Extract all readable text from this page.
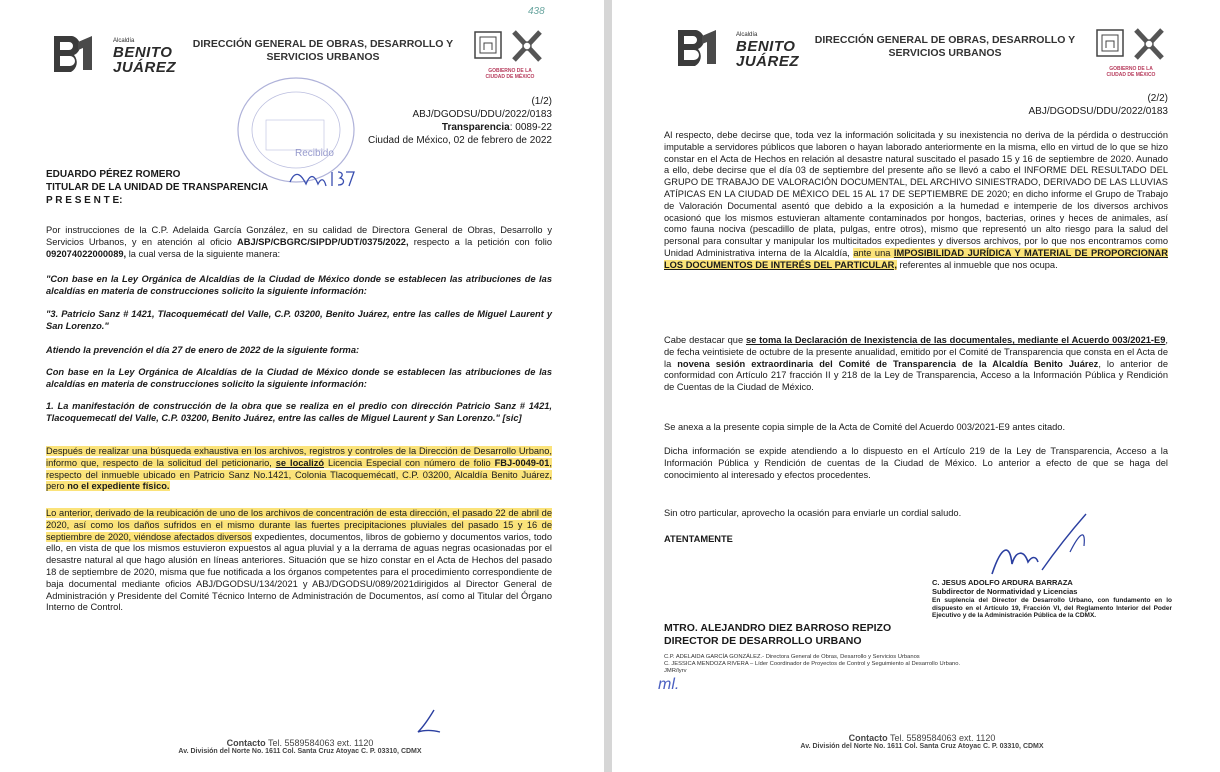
Alcaldía
BENITO
JUÁREZ
DIRECCIÓN GENERAL DE OBRAS, DESARROLLO Y SERVICIOS URBANOS
GOBIERNO DE LA
CIUDAD DE MÉXICO
438
Recibido
(1/2)
ABJ/DGODSU/DDU/2022/0183
Transparencia: 0089-22
Ciudad de México, 02 de febrero de 2022
EDUARDO PÉREZ ROMERO
TITULAR DE LA UNIDAD DE TRANSPARENCIA
P R E S E N T E:
Por instrucciones de la C.P. Adelaida García González, en su calidad de Directora General de Obras, Desarrollo y Servicios Urbanos, y en atención al oficio ABJ/SP/CBGRC/SIPDP/UDT/0375/2022, respecto a la petición con folio 092074022000089, la cual versa de la siguiente manera:
"Con base en la Ley Orgánica de Alcaldías de la Ciudad de México donde se establecen las atribuciones de las alcaldías en materia de construcciones solicito la siguiente información:
"3. Patricio Sanz # 1421, Tlacoquemécatl del Valle, C.P. 03200, Benito Juárez, entre las calles de Miguel Laurent y San Lorenzo."
Atiendo la prevención el día 27 de enero de 2022 de la siguiente forma:
Con base en la Ley Orgánica de Alcaldías de la Ciudad de México donde se establecen las atribuciones de las alcaldías en materia de construcciones solicito la siguiente información:
1. La manifestación de construcción de la obra que se realiza en el predio con dirección Patricio Sanz # 1421, Tlacoquemecatl del Valle, C.P. 03200, Benito Juárez, entre las calles de Miguel Laurent y San Lorenzo." [sic]
Después de realizar una búsqueda exhaustiva en los archivos, registros y controles de la Dirección de Desarrollo Urbano, informo que, respecto de la solicitud del peticionario, se localizó Licencia Especial con número de folio FBJ-0049-01, respecto del inmueble ubicado en Patricio Sanz No.1421, Colonia Tlacoquemécatl, C.P. 03200, Alcaldía Benito Juárez, pero no el expediente físico.
Lo anterior, derivado de la reubicación de uno de los archivos de concentración de esta dirección, el pasado 22 de abril de 2020, así como los daños sufridos en el mismo durante las fuertes precipitaciones pluviales del pasado 15 y 16 de septiembre de 2020, viéndose afectados diversos expedientes, documentos, libros de gobierno y documentos varios, todo ello, en vista de que los mismos estuvieron expuestos al agua pluvial y a la derrama de aguas negras ocasionadas por el desastre natural al que hago alusión en líneas anteriores. Situación que se hizo constar en el Acta de Hechos del pasado 18 de septiembre de 2020, misma que fue notificada a los órganos competentes para el procedimiento correspondiente de baja documental mediante oficios ABJ/DGODSU/134/2021 y ABJ/DGODSU/089/2021dirigidos al Director General de Administración y Presidente del Comité Técnico Interno de Administración de Documentos, así como al Titular del Órgano Interno de Control.
Contacto Tel. 5589584063 ext. 1120
Av. División del Norte No. 1611 Col. Santa Cruz Atoyac C. P. 03310, CDMX
Alcaldía
BENITO
JUÁREZ
DIRECCIÓN GENERAL DE OBRAS, DESARROLLO Y SERVICIOS URBANOS
GOBIERNO DE LA
CIUDAD DE MÉXICO
(2/2)
ABJ/DGODSU/DDU/2022/0183
Al respecto, debe decirse que, toda vez la información solicitada y su inexistencia no deriva de la pérdida o destrucción imputable a servidores públicos que laboren o hayan laborado anteriormente en la misma, ello en virtud de lo que se hizo constar en el Acta de Hechos en relación al desastre natural suscitado el pasado 15 y 16 de septiembre de 2020. Aunado a ello, debe decirse que el día 03 de septiembre del presente año se llevó a cabo el INFORME DEL RESULTADO DEL GRUPO DE TRABAJO DE VALORACIÓN DOCUMENTAL, DEL ARCHIVO SINIESTRADO, DERIVADO DE LAS LLUVIAS ATÍPICAS EN LA CIUDAD DE MÉXICO DEL 15 AL 17 DE SEPTIEMBRE DE 2020; en dicho informe el Grupo de Trabajo de Valoración Documental asentó que debido a la exposición a la humedad e intemperie de los diversos archivos ocasionó que los mismos estuvieran altamente contaminados por hongos, bacterias, orines y heces de animales, así como fauna nociva (pescadillo de plata, pulgas, entre otros), mismo que representó un alto riesgo para la salud del personal para consultar y manipular los multicitados expedientes y diversos archivos, por lo que nos encontramos como Unidad Administrativa interna de la Alcaldía, ante una IMPOSIBILIDAD JURÍDICA Y MATERIAL DE PROPORCIONAR LOS DOCUMENTOS DE INTERÉS DEL PARTICULAR, referentes al inmueble que nos ocupa.
Cabe destacar que se toma la Declaración de Inexistencia de las documentales, mediante el Acuerdo 003/2021-E9, de fecha veintisiete de octubre de la presente anualidad, emitido por el Comité de Transparencia que consta en el Acta de la novena sesión extraordinaria del Comité de Transparencia de la Alcaldía Benito Juárez, lo anterior de conformidad con Artículo 217 fracción II y 218 de la Ley de Transparencia, Acceso a la Información Pública y Rendición de Cuentas de la Ciudad de México.
Se anexa a la presente copia simple de la Acta de Comité del Acuerdo 003/2021-E9 antes citado.
Dicha información se expide atendiendo a lo dispuesto en el Artículo 219 de la Ley de Transparencia, Acceso a la Información Pública y Rendición de cuentas de la Ciudad de México. Lo anterior a efecto de que se haga del conocimiento al interesado y efectos procedentes.
Sin otro particular, aprovecho la ocasión para enviarle un cordial saludo.
ATENTAMENTE
C. JESUS ADOLFO ARDURA BARRAZA
Subdirector de Normatividad y Licencias
En suplencia del Director de Desarrollo Urbano, con fundamento en lo dispuesto en el Artículo 19, Fracción VI, del Reglamento Interior del Poder Ejecutivo y de la Administración Pública de la CDMX.
MTRO. ALEJANDRO DIEZ BARROSO REPIZO
DIRECTOR DE DESARROLLO URBANO
C.P. ADELAIDA GARCÍA GONZÁLEZ.- Directora General de Obras, Desarrollo y Servicios Urbanos
C. JESSICA MENDOZA RIVERA – Líder Coordinador de Proyectos de Control y Seguimiento al Desarrollo Urbano.
JMR/lyrv
ml.
Contacto Tel. 5589584063 ext. 1120
Av. División del Norte No. 1611 Col. Santa Cruz Atoyac C. P. 03310, CDMX
